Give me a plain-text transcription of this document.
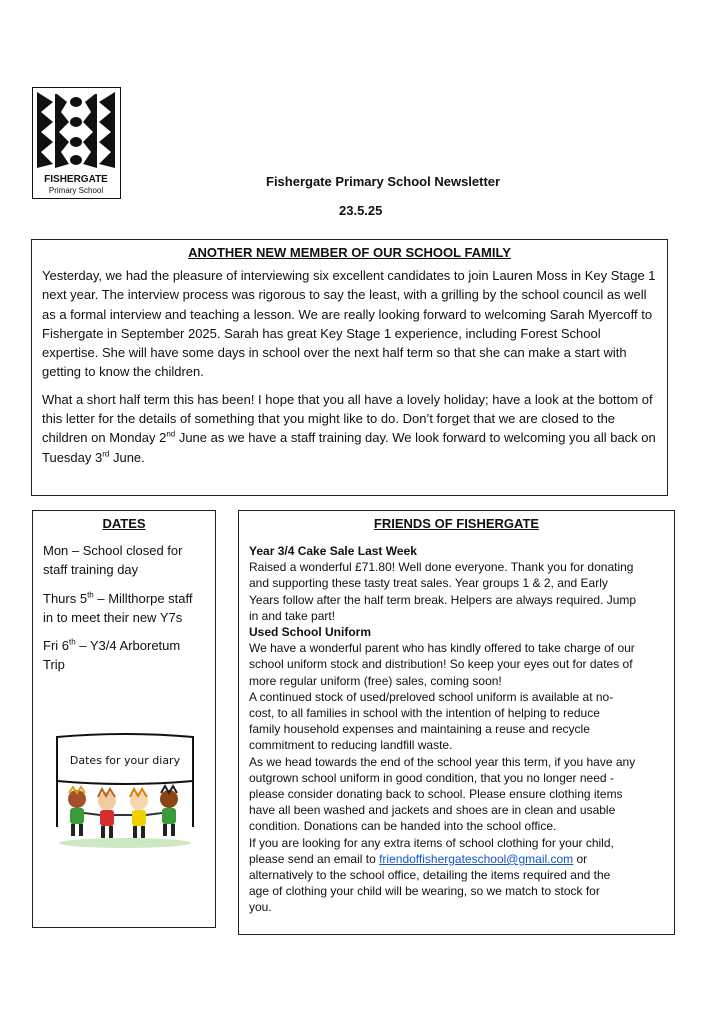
FISHERGATE
Primary School
Fishergate Primary School Newsletter
23.5.25
ANOTHER NEW MEMBER OF OUR SCHOOL FAMILY

Yesterday, we had the pleasure of interviewing six excellent candidates to join Lauren Moss in Key Stage 1 next year. The interview process was rigorous to say the least, with a grilling by the school council as well as a formal interview and teaching a lesson. We are really looking forward to welcoming Sarah Myercoff to Fishergate in September 2025. Sarah has great Key Stage 1 experience, including Forest School expertise. She will have some days in school over the next half term so that she can make a start with getting to know the children.

What a short half term this has been! I hope that you all have a lovely holiday; have a look at the bottom of this letter for the details of something that you might like to do. Don’t forget that we are closed to the children on Monday 2nd June as we have a staff training day. We look forward to welcoming you all back on Tuesday 3rd June.

DATES

Mon – School closed for staff training day

Thurs 5th – Millthorpe staff in to meet their new Y7s

Fri 6th – Y3/4 Arboretum Trip

Dates for your diary
FRIENDS OF FISHERGATE
Year 3/4 Cake Sale Last Week
Raised a wonderful £71.80! Well done everyone. Thank you for donating
and supporting these tasty treat sales. Year groups 1 & 2, and Early
Years follow after the half term break. Helpers are always required. Jump
in and take part!
Used School Uniform
We have a wonderful parent who has kindly offered to take charge of our
school uniform stock and distribution! So keep your eyes out for dates of
more regular uniform (free) sales, coming soon!
A continued stock of used/preloved school uniform is available at no-
cost, to all families in school with the intention of helping to reduce
family household expenses and maintaining a reuse and recycle
commitment to reducing landfill waste.
As we head towards the end of the school year this term, if you have any
outgrown school uniform in good condition, that you no longer need -
please consider donating back to school. Please ensure clothing items
have all been washed and jackets and shoes are in clean and usable
condition. Donations can be handed into the school office.
If you are looking for any extra items of school clothing for your child,
please send an email to friendoffishergateschool@gmail.com or
alternatively to the school office, detailing the items required and the
age of clothing your child will be wearing, so we match to stock for
you.
